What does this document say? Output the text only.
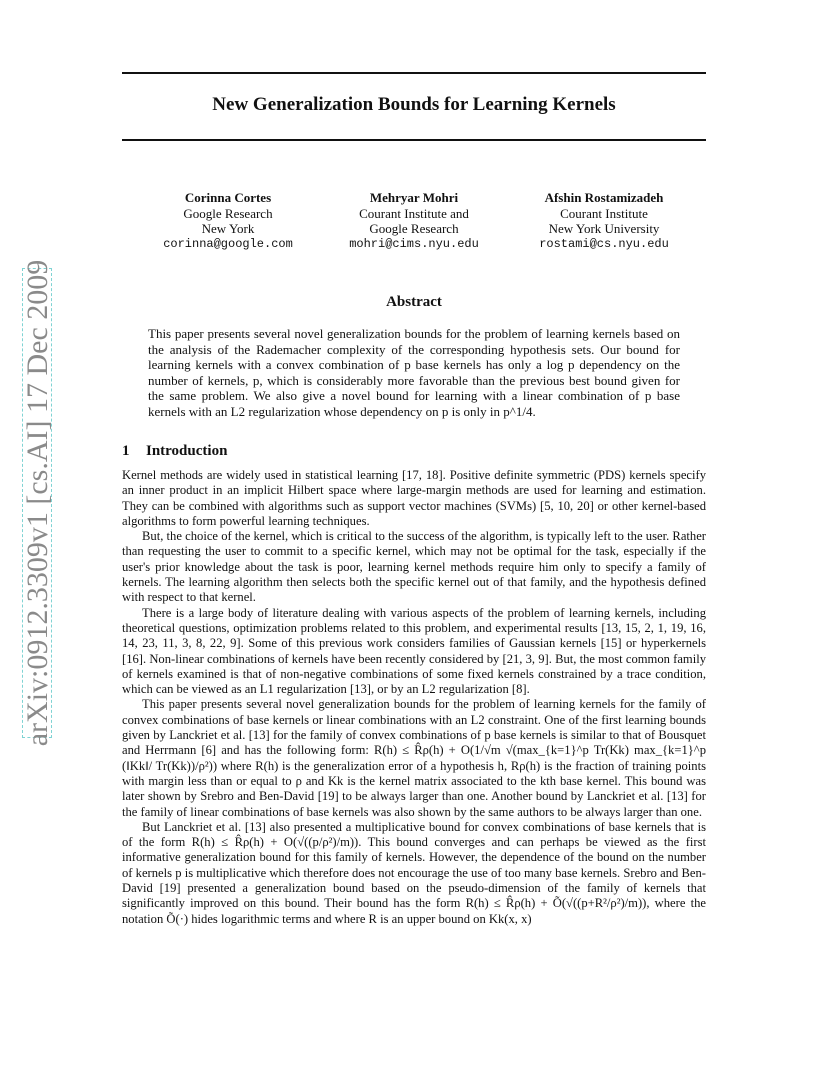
arXiv:0912.3309v1 [cs.AI] 17 Dec 2009
New Generalization Bounds for Learning Kernels
Corinna Cortes
Google Research
New York
corinna@google.com
Mehryar Mohri
Courant Institute and
Google Research
mohri@cims.nyu.edu
Afshin Rostamizadeh
Courant Institute
New York University
rostami@cs.nyu.edu
Abstract

This paper presents several novel generalization bounds for the problem of learning kernels based on the analysis of the Rademacher complexity of the corresponding hypothesis sets. Our bound for learning kernels with a convex combination of p base kernels has only a log p dependency on the number of kernels, p, which is considerably more favorable than the previous best bound given for the same problem. We also give a novel bound for learning with a linear combination of p base kernels with an L2 regularization whose dependency on p is only in p^1/4.

1 Introduction

Kernel methods are widely used in statistical learning [17, 18]. Positive definite symmetric (PDS) kernels specify an inner product in an implicit Hilbert space where large-margin methods are used for learning and estimation. They can be combined with algorithms such as support vector machines (SVMs) [5, 10, 20] or other kernel-based algorithms to form powerful learning techniques.

But, the choice of the kernel, which is critical to the success of the algorithm, is typically left to the user. Rather than requesting the user to commit to a specific kernel, which may not be optimal for the task, especially if the user's prior knowledge about the task is poor, learning kernel methods require him only to specify a family of kernels. The learning algorithm then selects both the specific kernel out of that family, and the hypothesis defined with respect to that kernel.

There is a large body of literature dealing with various aspects of the problem of learning kernels, including theoretical questions, optimization problems related to this problem, and experimental results [13, 15, 2, 1, 19, 16, 14, 23, 11, 3, 8, 22, 9]. Some of this previous work considers families of Gaussian kernels [15] or hyperkernels [16]. Non-linear combinations of kernels have been recently considered by [21, 3, 9]. But, the most common family of kernels examined is that of non-negative combinations of some fixed kernels constrained by a trace condition, which can be viewed as an L1 regularization [13], or by an L2 regularization [8].

This paper presents several novel generalization bounds for the problem of learning kernels for the family of convex combinations of base kernels or linear combinations with an L2 constraint. One of the first learning bounds given by Lanckriet et al. [13] for the family of convex combinations of p base kernels is similar to that of Bousquet and Herrmann [6] and has the following form: R(h) ≤ R̂ρ(h) + O(1/√m √(max_{k=1}^p Tr(Kk) max_{k=1}^p (‖Kk‖/ Tr(Kk))/ρ²)) where R(h) is the generalization error of a hypothesis h, Rρ(h) is the fraction of training points with margin less than or equal to ρ and Kk is the kernel matrix associated to the kth base kernel. This bound was later shown by Srebro and Ben-David [19] to be always larger than one. Another bound by Lanckriet et al. [13] for the family of linear combinations of base kernels was also shown by the same authors to be always larger than one.

But Lanckriet et al. [13] also presented a multiplicative bound for convex combinations of base kernels that is of the form R(h) ≤ R̂ρ(h) + O(√((p/ρ²)/m)). This bound converges and can perhaps be viewed as the first informative generalization bound for this family of kernels. However, the dependence of the bound on the number of kernels p is multiplicative which therefore does not encourage the use of too many base kernels. Srebro and Ben-David [19] presented a generalization bound based on the pseudo-dimension of the family of kernels that significantly improved on this bound. Their bound has the form R(h) ≤ R̂ρ(h) + Õ(√((p+R²/ρ²)/m)), where the notation Õ(·) hides logarithmic terms and where R is an upper bound on Kk(x, x)
